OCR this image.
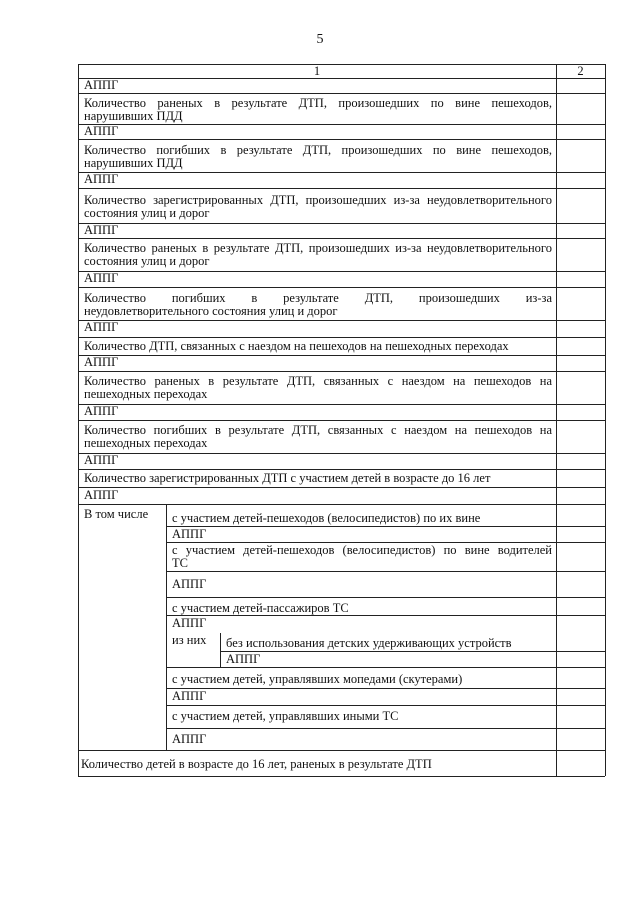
5
1	2
АППГ
Количество раненых в результате ДТП, произошедших по вине пешеходов,
нарушивших ПДД
АППГ
Количество погибших в результате ДТП, произошедших по вине пешеходов,
нарушивших ПДД
АППГ
Количество зарегистрированных ДТП, произошедших из-за неудовлетворительного
состояния улиц и дорог
АППГ
Количество раненых в результате ДТП, произошедших из-за неудовлетворительного
состояния улиц и дорог
АППГ
Количество погибших в результате ДТП, произошедших из-за
неудовлетворительного состояния улиц и дорог
АППГ
Количество ДТП, связанных с наездом на пешеходов на пешеходных переходах
АППГ
Количество раненых в результате ДТП, связанных с наездом на пешеходов на
пешеходных переходах
АППГ
Количество погибших в результате ДТП, связанных с наездом на пешеходов на
пешеходных переходах
АППГ
Количество зарегистрированных ДТП с участием детей в возрасте до 16 лет
АППГ
В том числе с участием детей-пешеходов (велосипедистов) по их вине
АППГ
с участием детей-пешеходов (велосипедистов) по вине водителей
ТС
АППГ
с участием детей-пассажиров ТС
АППГ
из них без использования детских удерживающих устройств
АППГ
с участием детей, управлявших мопедами (скутерами)
АППГ
с участием детей, управлявших иными ТС
АППГ
Количество детей в возрасте до 16 лет, раненых в результате ДТП
